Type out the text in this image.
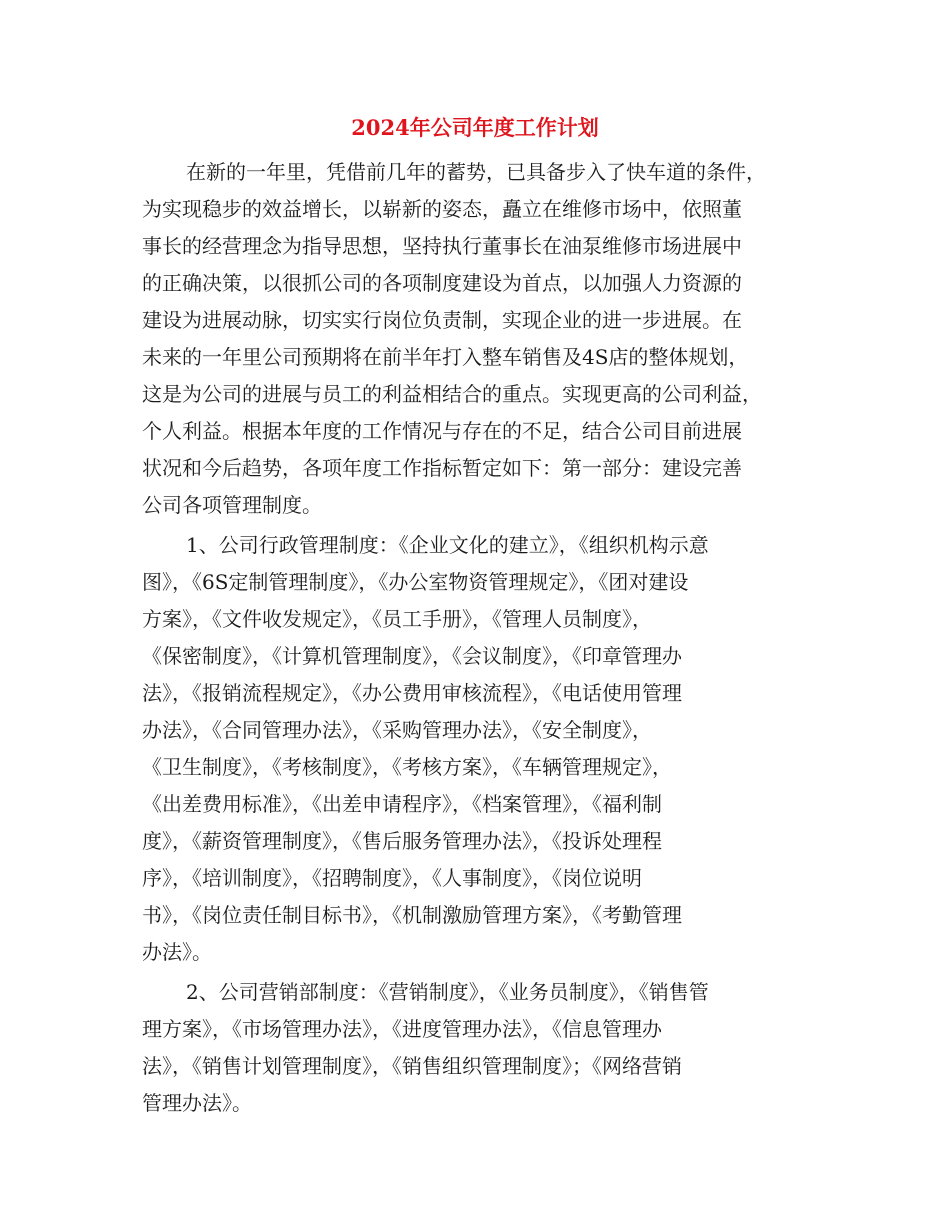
2024年公司年度工作计划
在新的一年里，凭借前几年的蓄势，已具备步入了快车道的条件，
为实现稳步的效益增长，以崭新的姿态，矗立在维修市场中，依照董
事长的经营理念为指导思想，坚持执行董事长在油泵维修市场进展中
的正确决策，以很抓公司的各项制度建设为首点，以加强人力资源的
建设为进展动脉，切实实行岗位负责制，实现企业的进一步进展。在
未来的一年里公司预期将在前半年打入整车销售及4S店的整体规划，
这是为公司的进展与员工的利益相结合的重点。实现更高的公司利益，
个人利益。根据本年度的工作情况与存在的不足，结合公司目前进展
状况和今后趋势，各项年度工作指标暂定如下：第一部分：建设完善
公司各项管理制度。
1、公司行政管理制度：《企业文化的建立》，《组织机构示意
图》，《6S定制管理制度》，《办公室物资管理规定》，《团对建设
方案》，《文件收发规定》，《员工手册》，《管理人员制度》，
《保密制度》，《计算机管理制度》，《会议制度》，《印章管理办
法》，《报销流程规定》，《办公费用审核流程》，《电话使用管理
办法》，《合同管理办法》，《采购管理办法》，《安全制度》，
《卫生制度》，《考核制度》，《考核方案》，《车辆管理规定》，
《出差费用标准》，《出差申请程序》，《档案管理》，《福利制
度》，《薪资管理制度》，《售后服务管理办法》，《投诉处理程
序》，《培训制度》，《招聘制度》，《人事制度》，《岗位说明
书》，《岗位责任制目标书》，《机制激励管理方案》，《考勤管理
办法》。
2、公司营销部制度：《营销制度》，《业务员制度》，《销售管
理方案》，《市场管理办法》，《进度管理办法》，《信息管理办
法》，《销售计划管理制度》，《销售组织管理制度》；《网络营销
管理办法》。
